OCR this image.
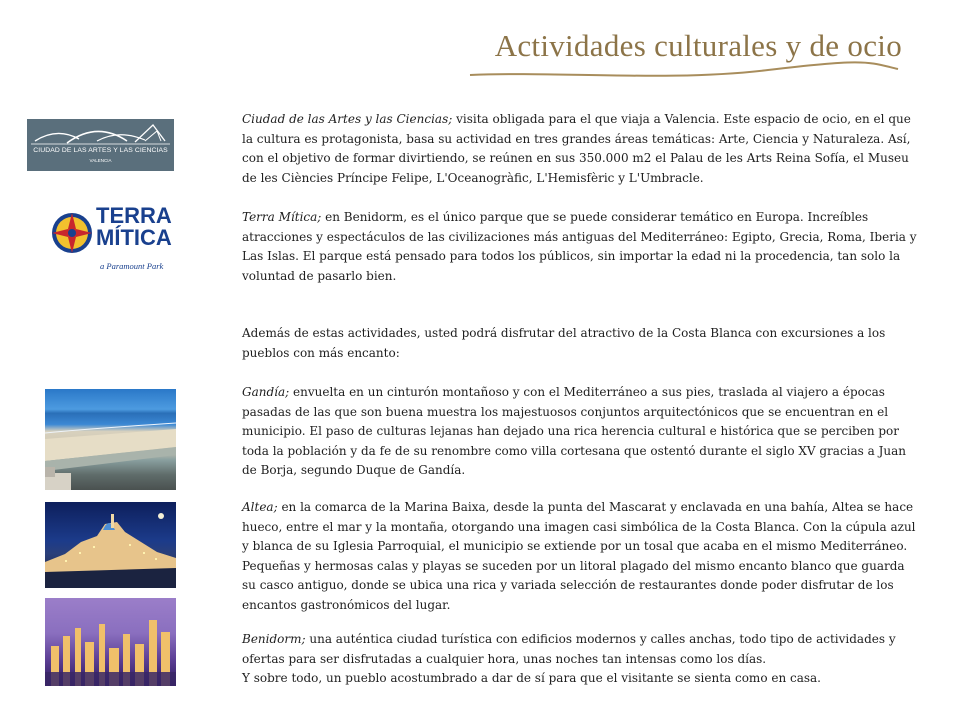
Actividades culturales y de ocio
CIUDAD DE LAS ARTES Y LAS CIENCIAS
VALENCIA
TERRA
MÍTICA
a Paramount Park

Ciudad de las Artes y las Ciencias; visita obligada para el que viaja a Valencia. Este espacio de ocio, en el que la cultura es protagonista, basa su actividad en tres grandes áreas temáticas: Arte, Ciencia y Naturaleza. Así, con el objetivo de formar divirtiendo, se reúnen en sus 350.000 m2 el Palau de les Arts Reina Sofía, el Museu de les Ciències Príncipe Felipe, L'Oceanogràfic, L'Hemisfèric y L'Umbracle.

Terra Mítica; en Benidorm, es el único parque que se puede considerar temático en Europa. Increíbles atracciones y espectáculos de las civilizaciones más antiguas del Mediterráneo: Egipto, Grecia, Roma, Iberia y Las Islas. El parque está pensado para todos los públicos, sin importar la edad ni la procedencia, tan solo la voluntad de pasarlo bien.

Además de estas actividades, usted podrá disfrutar del atractivo de la Costa Blanca con excursiones a los pueblos con más encanto:

Gandía; envuelta en un cinturón montañoso y con el Mediterráneo a sus pies, traslada al viajero a épocas pasadas de las que son buena muestra los majestuosos conjuntos arquitectónicos que se encuentran en el municipio. El paso de culturas lejanas han dejado una rica herencia cultural e histórica que se perciben por toda la población y da fe de su renombre como villa cortesana que ostentó durante el siglo XV gracias a Juan de Borja, segundo Duque de Gandía.

Altea; en la comarca de la Marina Baixa, desde la punta del Mascarat y enclavada en una bahía, Altea se hace hueco, entre el mar y la montaña, otorgando una imagen casi simbólica de la Costa Blanca. Con la cúpula azul y blanca de su Iglesia Parroquial, el municipio se extiende por un tosal que acaba en el mismo Mediterráneo. Pequeñas y hermosas calas y playas se suceden por un litoral plagado del mismo encanto blanco que guarda su casco antiguo, donde se ubica una rica y variada selección de restaurantes donde poder disfrutar de los encantos gastronómicos del lugar.

Benidorm; una auténtica ciudad turística con edificios modernos y calles anchas, todo tipo de actividades y ofertas para ser disfrutadas a cualquier hora, unas noches tan intensas como los días.
Y sobre todo, un pueblo acostumbrado a dar de sí para que el visitante se sienta como en casa.
